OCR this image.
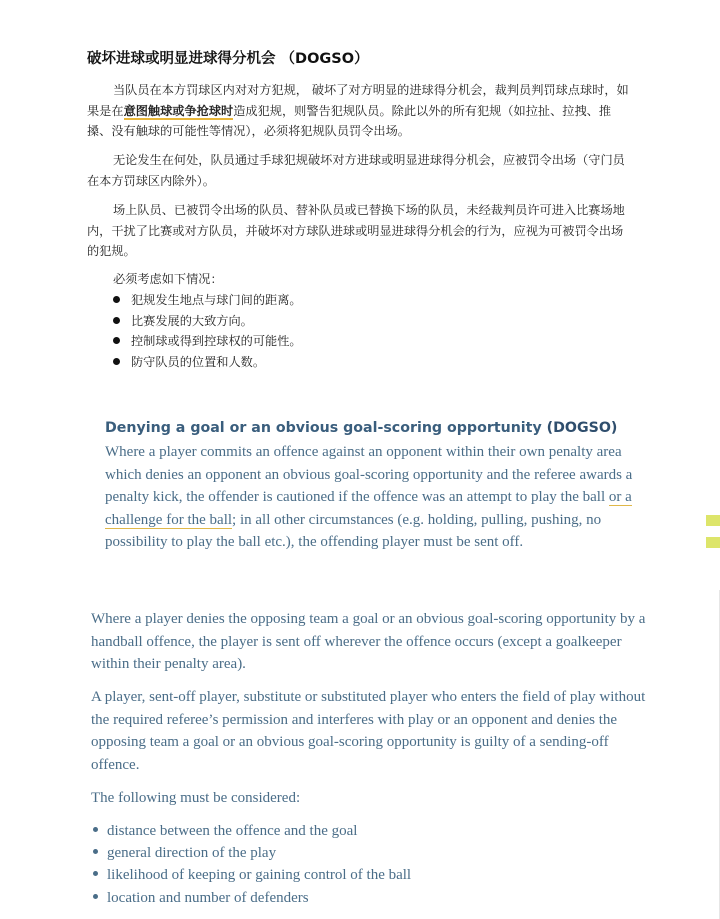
破坏进球或明显进球得分机会 （DOGSO）

当队员在本方罚球区内对对方犯规， 破坏了对方明显的进球得分机会，裁判员判罚球点球时，如果是在意图触球或争抢球时造成犯规，则警告犯规队员。除此以外的所有犯规（如拉扯、拉拽、推搡、没有触球的可能性等情况），必须将犯规队员罚令出场。

无论发生在何处，队员通过手球犯规破坏对方进球或明显进球得分机会，应被罚令出场（守门员在本方罚球区内除外）。

场上队员、已被罚令出场的队员、替补队员或已替换下场的队员，未经裁判员许可进入比赛场地内，干扰了比赛或对方队员，并破坏对方球队进球或明显进球得分机会的行为，应视为可被罚令出场的犯规。

必须考虑如下情况：
犯规发生地点与球门间的距离。
比赛发展的大致方向。
控制球或得到控球权的可能性。
防守队员的位置和人数。
Denying a goal or an obvious goal-scoring opportunity (DOGSO)

Where a player commits an offence against an opponent within their own penalty area which denies an opponent an obvious goal-scoring opportunity and the referee awards a penalty kick, the offender is cautioned if the offence was an attempt to play the ball or a challenge for the ball; in all other circumstances (e.g. holding, pulling, pushing, no possibility to play the ball etc.), the offending player must be sent off.

Where a player denies the opposing team a goal or an obvious goal-scoring opportunity by a handball offence, the player is sent off wherever the offence occurs (except a goalkeeper within their penalty area).

A player, sent-off player, substitute or substituted player who enters the field of play without the required referee’s permission and interferes with play or an opponent and denies the opposing team a goal or an obvious goal-scoring opportunity is guilty of a sending-off offence.

The following must be considered:
distance between the offence and the goal
general direction of the play
likelihood of keeping or gaining control of the ball
location and number of defenders
